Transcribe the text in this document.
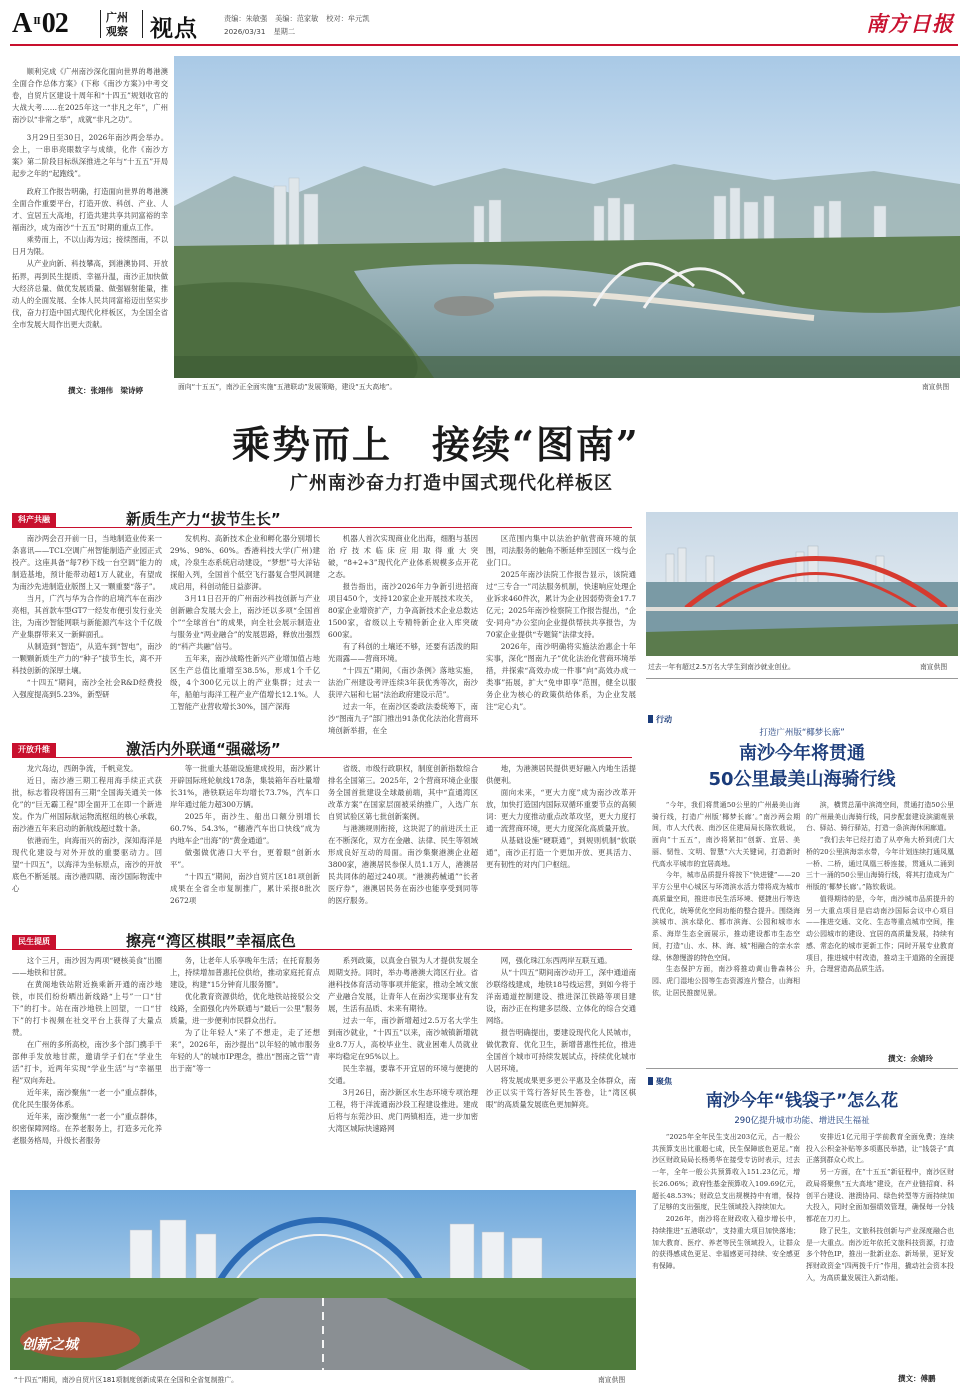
A $^{II}$02	广州观察 视点	责编：朱敏强 美编：范家敏 校对：牟元凯
2026/03/31 星期二	南方日报

顺利完成《广州南沙深化面向世界的粤港澳全面合作总体方案》(下称《南沙方案》)中考交卷，自贸片区建设十周年和“十四五”规划收官的大战大考……在2025年这一“非凡之年”，广州南沙以“非常之举”，成就“非凡之功”。

3月29日至30日，2026年南沙两会举办。会上，一串串亮眼数字与成绩，化作《南沙方案》第二阶段目标纵深推进之年与“十五五”开局起步之年的“起跑线”。

政府工作报告明确，打造面向世界的粤港澳全面合作重要平台，打造开放、科创、产业、人才、宜居五大高地，打造共建共享共同富裕的幸福南沙，成为南沙“十五五”时期的重点工作。

乘势而上，不以山海为远；接续图南，不以日月为限。

从产业向新、科技攀高，到港澳协同、开放拓界，再到民生提质、幸福升温，南沙正加快做大经济总量、做优发展质量、做强辐射能量，推动人的全面发展、全体人民共同富裕迈出坚实步伐，奋力打造中国式现代化样板区，为全国全省全市发展大局作出更大贡献。

撰文：张翊伟　梁诗婷	面向“十五五”，南沙正全面实施“五港联动”发展策略，建设“五大高地”。	南宣供图
乘势而上　接续“图南”
广州南沙奋力打造中国式现代化样板区
科产共融	新质生产力“拔节生长”

南沙两会召开前一日，当地制造业传来一条喜讯——TCL空调广州智能制造产业园正式投产。这座具备“每7秒下线一台空调”能力的制造基地，预计能带动超1万人就业，有望成为南沙先进制造业版图上又一颗重要“落子”。

当月，广汽与华为合作的启境汽车在南沙亮相，其首款车型GT7一经发布便引发行业关注，为南沙智能网联与新能源汽车这个千亿级产业集群带来又一新鲜面孔。

从制造到“智造”，从造车到“智电”，南沙一颗颗新质生产力的“种子”拔节生长，离不开科技创新的深厚土壤。

“十四五”期间，南沙全社会R&D经费投入强度提高到5.23%，新型研

发机构、高新技术企业和孵化器分别增长29%、98%、60%。香港科技大学(广州)建成，冷泉生态系统启动建设，“梦想”号大洋钻探船入列，全国首个低空飞行器复合型风洞建成启用，科创动能日益澎湃。

3月11日召开的广州南沙科技创新与产业创新融合发展大会上，南沙还以多项“全国首个”“全球首台”的成果，向全社会展示制造业与服务业“两业融合”的发展思路，释放出强烈的“科产共融”信号。

五年来，南沙战略性新兴产业增加值占地区生产总值比重增至38.5%，形成1个千亿级，4个300亿元以上的产业集群；过去一年，船舶与海洋工程产业产值增长12.1%。人工智能产业营收增长30%，国产深海

机器人首次实现商业化出海，细胞与基因治疗技术临床应用取得重大突破，“8+2+3”现代化产业体系规模多点开花之态。

报告指出，南沙2026年力争新引进招商项目450个，支持120家企业开展技术攻关，80家企业增资扩产，力争高新技术企业总数达1500家，省级以上专精特新企业入库突破600家。

有了科创的土壤还不够，还要有活泼的阳光雨露——营商环境。

“十四五”期间，《南沙条例》落地实施，法治广州建设考评连续3年获优秀等次，南沙获评六届和七届“法治政府建设示范”。

过去一年，在南沙区委政法委统筹下，南沙“图南九子”部门推出91条优化法治化营商环境创新举措，在全

区范围内集中以法治护航营商环境的氛围，司法服务的触角不断延伸至园区一线与企业门口。

2025年南沙法院工作报告显示，该院通过“三专合一”司法服务机制，快速响应处理企业诉求460件次，累计为企业因弱势资金17.7亿元；2025年南沙检察院工作报告提出，“企安·同舟”办公室向企业提供帮扶共享报告，为70家企业提供“专题简”法律支持。

2026年，南沙明确将实施法治惠企十年实事，深化“图南九子”优化法治化营商环境举措，并探索“高效办成一件事”向“高效办成一类事”拓展，扩大“免申即享”范围，健全以服务企业为核心的政策供给体系，为企业发展注“定心丸”。

开放升维	激活内外联通“强磁场”

龙穴岛边，西朗争流，千帆竞发。

近日，南沙港三期工程用海手续正式获批，标志着段将国有三期“全国海关通关一体化”的“巨无霸工程”即全面开工在即一个新进发。作为广州国际航运物流枢纽的核心承载，南沙港五年来启动的新航线超过数十条。

依港而生，向海而兴的南沙，深知海洋是现代化建设与对外开放的重要驱动力。回望“十四五”，以海洋为坐标原点，南沙的开放底色不断延展。南沙港四期、南沙国际物流中心

等一批重大基础设施建成投用，南沙累计开辟国际班轮航线178条，集装箱年吞吐量增长31%，港铁联运年均增长73.7%，汽车口岸年通过能力超300万辆。

2025年，南沙生、船出口额分别增长60.7%、54.3%，“穗港汽车出口快线”成为内地车企“出海”的“黄金通道”。

做强做优港口大平台，更着眼“创新水平”。

“十四五”期间，南沙自贸片区181项创新成果在全省全市复制推广，累计采报8批次2672项

省级、市级行政职权，制度创新指数综合排名全国第三。2025年，2个营商环境企业服务全国首批建设全球最前端，其中“直通湾区改革方案”在国家层面被采纳推广，入选广东自贸试验区第七批创新案例。

与港澳规则衔接，这块泥了的前进沃土正在不断深化，双方在金融、法律、民生等领域形成良好互动的局面。南沙集聚港澳企业超3800家，港澳居民参保人员1.1万人，港澳居民共同体的超过240项。“港澳药械通”“长者医疗券”，港澳居民务在南沙也能享受到同等的医疗服务。

地，为港澳居民提供更好融入内地生活提供便利。

面向未来，“更大力度”成为南沙改革开放，加快打造国内国际双循环重要节点的高频词：更大力度推动重点改革攻坚，更大力度打通一流营商环境，更大力度深化高质量开放。

从基础设施“硬联通”，到规则机制“软联通”，南沙正打造一个更加开放、更具活力、更有韧性的对内门户枢纽。

民生提质	擦亮“湾区棋眼”幸福底色

这个三月，南沙因为两项“硬核美食”出圈——地铁和甘蔗。

在黄阁地铁站附近换乘新开通的南沙地铁，市民们纷纷晒出新线路“上号”一口“甘下”的打卡。站在南沙地铁上回望，一口“甘下”的打卡视频在社交平台上获得了大量点赞。

在广州的多所高校，南沙多个部门携手干部伸手发放地甘蔗，邀请学子们在“学业生活”打卡，近两年实现“学业生活”与“幸福里程”双向奔赴。

近年来，南沙聚焦“一老一小”重点群体，优化民生服务体系。

近年来，南沙聚焦“一老一小”重点群体，织密保障网络。在养老服务上，打造多元化养老服务格局，升级长者服务

务，让老年人乐享晚年生活；在托育服务上，持续增加普惠托位供给，推动家庭托育点建设，构建“15分钟育儿服务圈”。

优化教育资源供给，优化地铁站接驳公交线路，全面强化内外联通与“最后一公里”服务质量，进一步便利市民群众出行。

为了让年轻人“来了不想走，走了还想来”，2026年，南沙提出“以年轻的城市服务年轻的人”的城市IP理念，推出“图南之管”“青出于南”等一

系列政策，以真金白银为人才提供发展全周期支持。同时，举办粤港澳大湾区行业。省港科技体育活动等事项并能家，推动全域文旅产业融合发展，让青年人在南沙实现事业有发展，生活有品质、未来有期待。

过去一年，南沙新增超过2.5万名大学生到南沙就业，“十四五”以来，南沙城镇新增就业8.7万人，高校毕业生、就业困难人员就业率均稳定在95%以上。

民生幸福，要靠不开宜居的环境与便捷的交通。

3月26日，南沙新区水生态环境专项治理工程，将于洋流通南沙段工程建设推进。建成后将与东莞沙田、虎门两镇相连，进一步加密大湾区城际快速路网

网，强化珠江东西两岸互联互通。

从“十四五”期间南沙动开工，深中通道南沙联络线建成，地铁18号线运营，到如今将于洋南通道控制建设、推进深江铁路等项目建设，南沙正在构建多层级、立体化的综合交通网络。

报告明确提出，要建设现代化人民城市，做优教育、优化卫生，新增普惠性托位，推进全国首个城市可持续发展试点，持续优化城市人居环境。

将发展成果更多更公平惠及全体群众，南沙正以实干笃行答好民生答卷，让“湾区棋眼”的高质量发展底色更加鲜亮。

创新之城
“十四五”期间，南沙自贸片区181项制度创新成果在全国和全省复制推广。	南宣供图
过去一年有超过2.5万名大学生到南沙就业创业。	南宣供图
行动
打造广州版“椰梦长廊”
南沙今年将贯通
50公里最美山海骑行线

“今年，我们将贯通50公里的广州最美山海骑行线，打造广州版‘椰梦长廊’。”南沙两会期间，市人大代表、南沙区住建局局长陈钦栽说，面向“十五五”，南沙将紧扣“创新、宜居、美丽、韧性、文明、智慧”六大关键词，打造新时代高水平城市的宜居高地。

今年，城市品质提升将按下“快进键”——20平方公里中心城区与环湾滨水活力带将成为城市高质量空间，推进市民生活环境、便捷出行等迭代优化，统筹优化空间功能的整合提升。围绕海滨城市、滨水绿化、都市滨海、公园和城市水系、海岸生态全面展示，推动建设都市生态空间，打造“山、水、林、海、城”相融合的亲水亲绿、休憩慢游的特色空间。

生态保护方面，南沙将推动黄山鲁森林公园、虎门湿地公园等生态资源连片整合，山海相依，让居民推窗见景。

滨，横贯总蒲中滨湾空间，贯通打造50公里的广州最美山海骑行线，同步配套建设滨湖观景台、驿站、骑行驿站，打造一条滨海休闲廊道。

“我们去年已经打造了从亭角大桥到虎门大桥的20公里滨海亲水带，今年计划连续打通凤凰一桥、二桥，通过凤凰三桥连接，贯通从二涌到三十一涌的50公里山海骑行线，将其打造成为广州版的‘椰梦长廊’。”陈钦栽说。

值得期待的是，今年，南沙城市品质提升的另一大重点项目是启动南沙国际会议中心项目——推进交通、文化、生态等重点城市空间，推动公园城市的建设、宜居的高质量发展，持续有感、常态化的城市更新工作；同时开展专业教育项目，推进城中村改造，推动主干道路的全面提升，合理营造高品质生活。

撰文：余婧玲
聚焦
南沙今年“钱袋子”怎么花
290亿提升城市功能、增进民生福祉

“2025年全年民生支出203亿元，占一般公共预算支出比重超七成，民生保障底色更足。”南沙区财政局局长杨勇华在接受专访时表示，过去一年，全年一般公共预算收入151.23亿元，增长26.06%；政府性基金预算收入109.69亿元，超长48.53%；财政总支出规模持中有增，保持了足够的支出强度，民生领域投入持续加大。

2026年，南沙将在财政收入稳步增长中，持续推进“五港联动”，支持重大项目加快落地；加大教育、医疗、养老等民生领域投入，让群众的获得感成色更足、幸福感更可持续、安全感更有保障。

安排近1亿元用于学前教育全面免费；连续投入公积金补贴等多项惠民举措，让“钱袋子”真正落到群众心坎上。

另一方面，在“十五五”新征程中，南沙区财政局将聚焦“五大高地”建设，在产业链招商、科创平台建设、港澳协同、绿色转型等方面持续加大投入，同时全面加强绩效管理，确保每一分钱都花在刀刃上。

除了民生，文旅科技创新与产业深度融合也是一大重点。南沙近年依托文旅科技资源，打造多个特色IP，推出一批新业态、新场景，更好发挥财政资金“四两拨千斤”作用，撬动社会资本投入，为高质量发展注入新动能。

撰文：傅鹏
